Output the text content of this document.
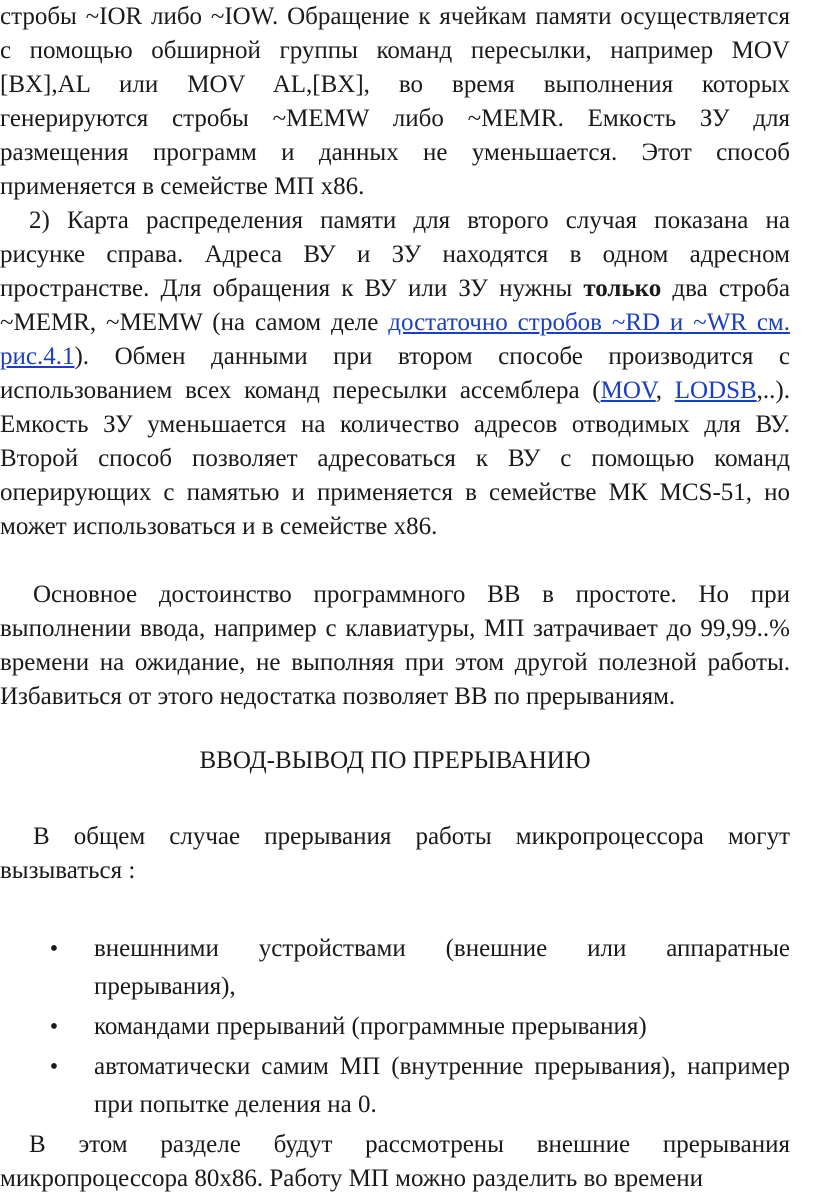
стробы ~IOR либо ~IOW. Обращение к ячейкам памяти осуществляется
с помощью обширной группы команд пересылки, например MOV
[BX],AL или MOV AL,[BX], во время выполнения которых
генерируются стробы ~MEMW либо ~MEMR. Емкость ЗУ для
размещения программ и данных не уменьшается. Этот способ
применяется в семействе МП х86.
2) Карта распределения памяти для второго случая показана на
рисунке справа. Адреса ВУ и ЗУ находятся в одном адресном
пространстве. Для обращения к ВУ или ЗУ нужны только два строба
~MEMR, ~MEMW (на самом деле достаточно стробов ~RD и ~WR см.
рис.4.1). Обмен данными при втором способе производится с
использованием всех команд пересылки ассемблера (MOV, LODSB,..).
Емкость ЗУ уменьшается на количество адресов отводимых для ВУ.
Второй способ позволяет адресоваться к ВУ с помощью команд
оперирующих с памятью и применяется в семействе МК MCS-51, но
может использоваться и в семействе х86.
Основное достоинство программного ВВ в простоте. Но при
выполнении ввода, например с клавиатуры, МП затрачивает до 99,99..%
времени на ожидание, не выполняя при этом другой полезной работы.
Избавиться от этого недостатка позволяет ВВ по прерываниям.
ВВОД-ВЫВОД ПО ПРЕРЫВАНИЮ
В общем случае прерывания работы микропроцессора могут
вызываться :
• внешнними устройствами (внешние или аппаратные
прерывания),
• командами прерываний (программные прерывания)
• автоматически самим МП (внутренние прерывания), например
при попытке деления на 0.
В этом разделе будут рассмотрены внешние прерывания
микропроцессора 80х86. Работу МП можно разделить во времени
